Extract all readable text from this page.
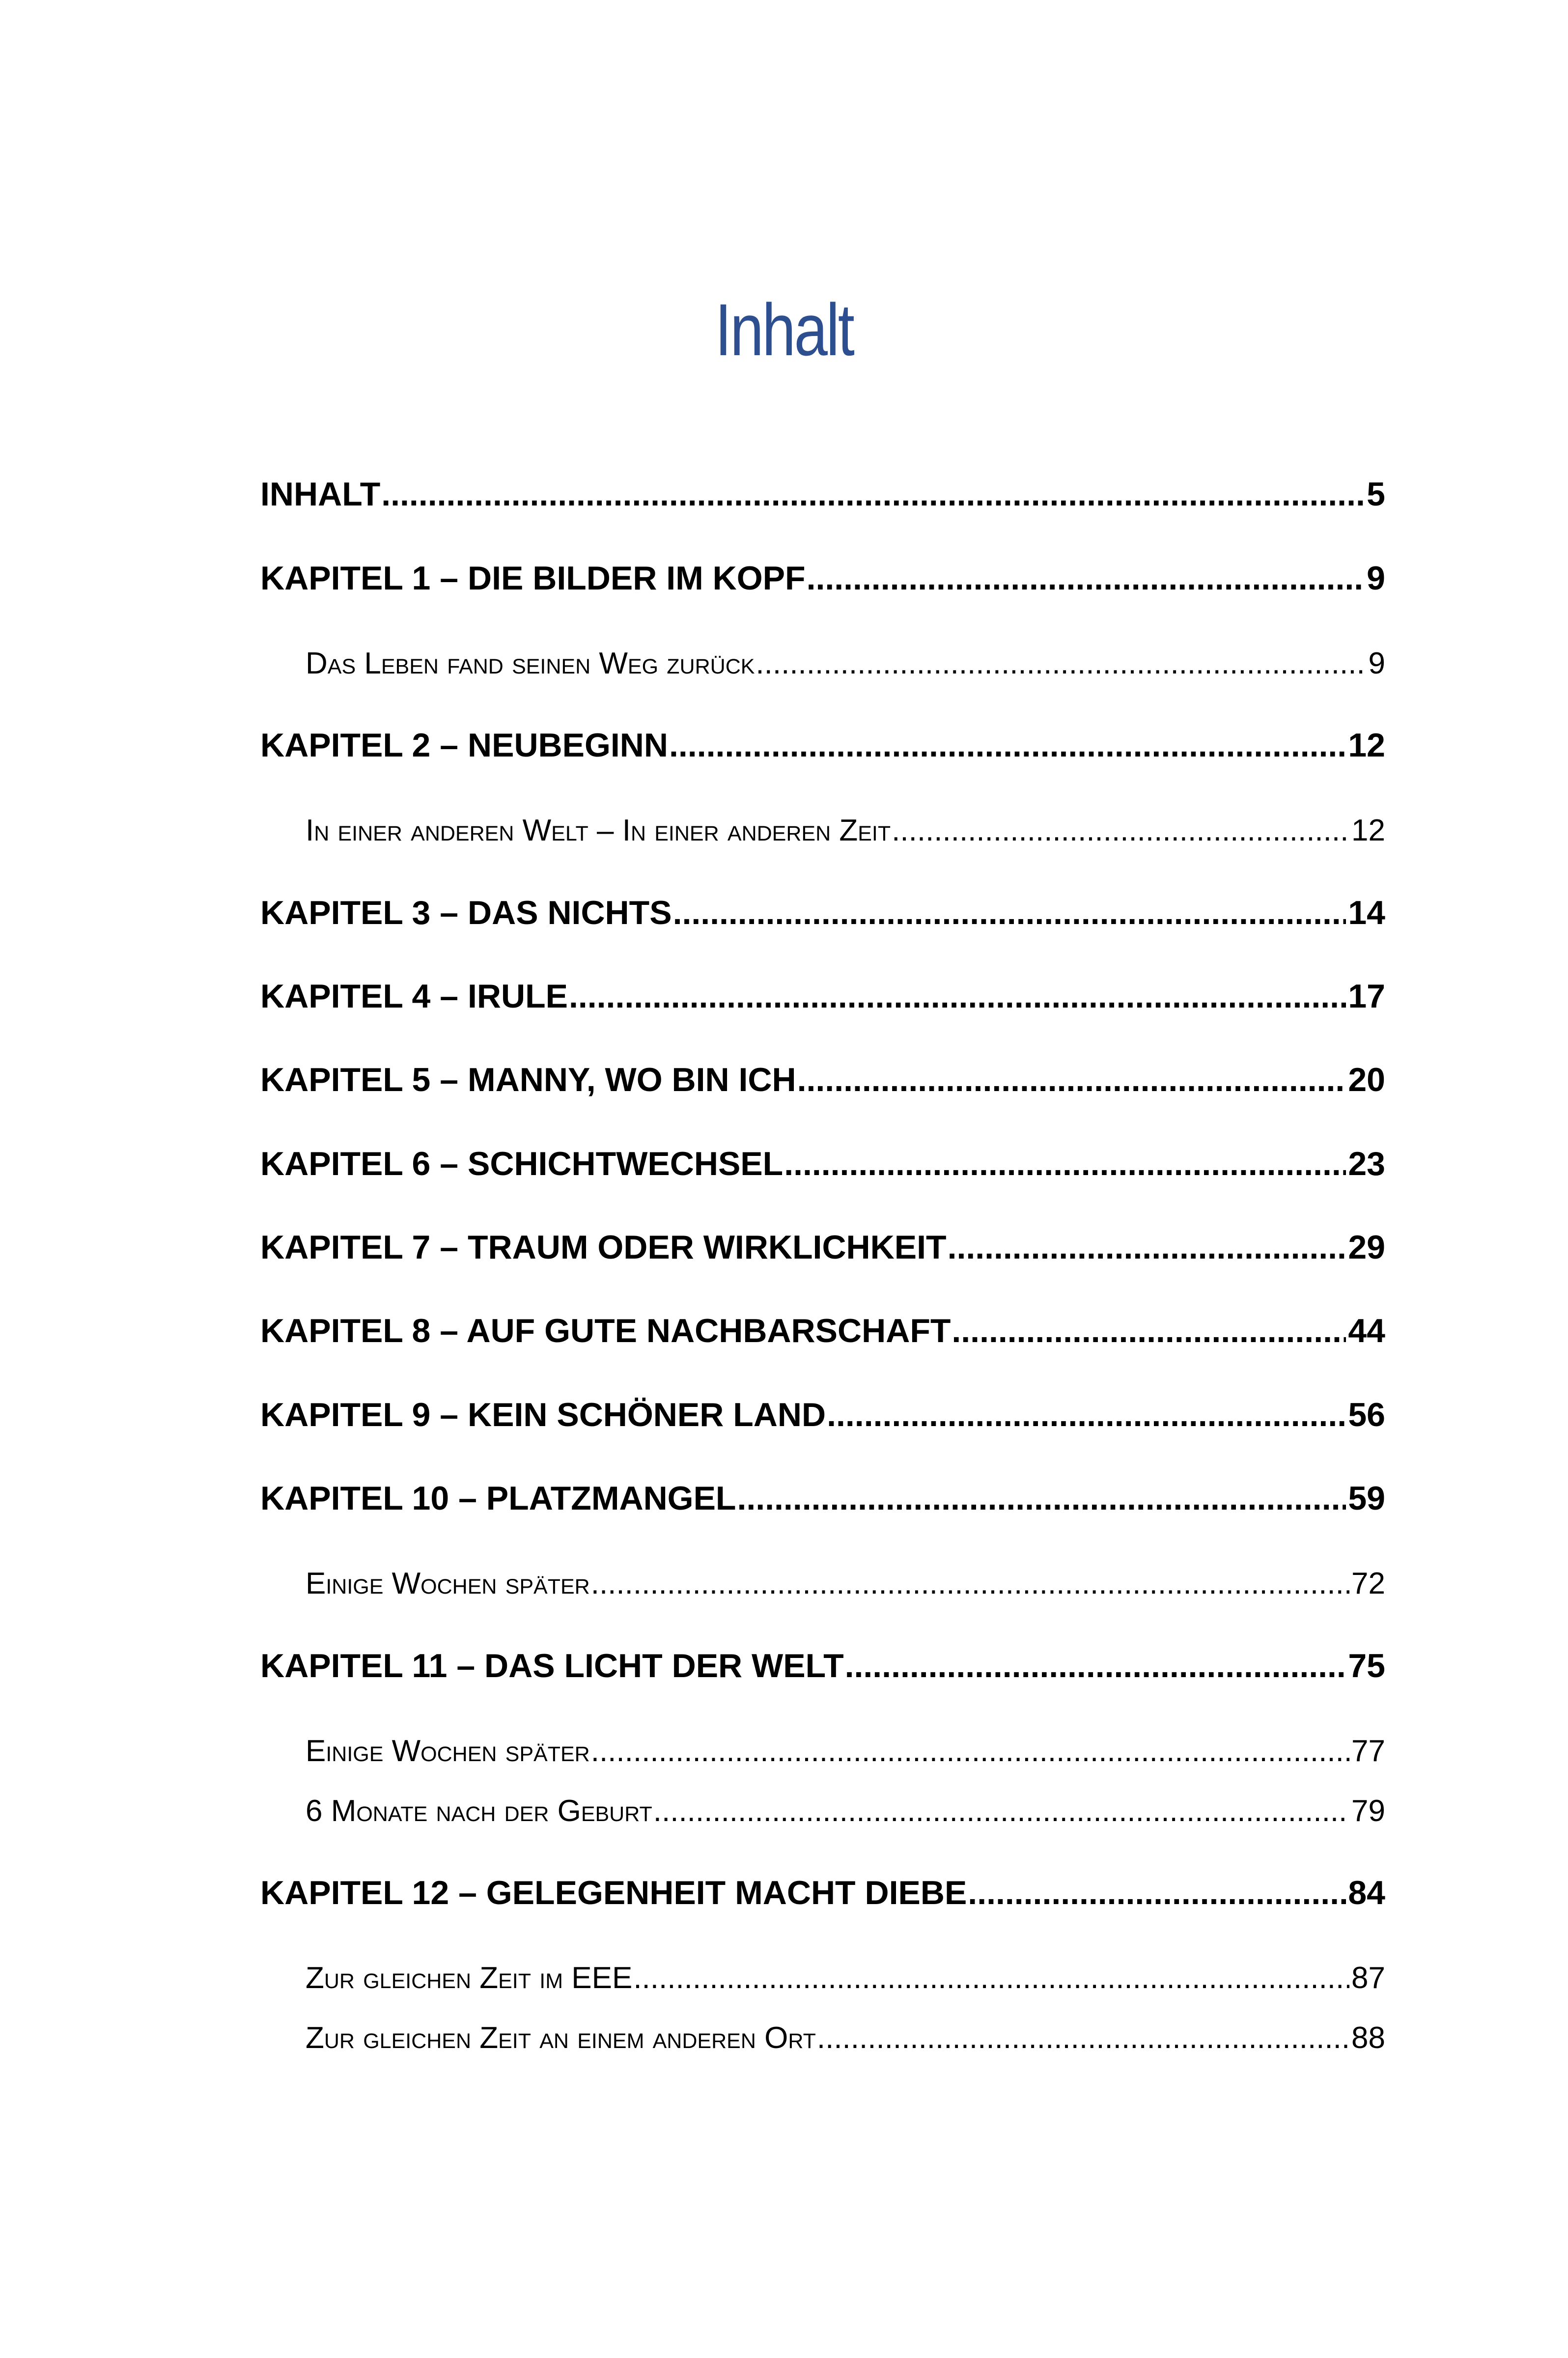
Inhalt
INHALT .....	5
KAPITEL 1 – DIE BILDER IM KOPF .....	9
Das Leben fand seinen Weg zurück .....	9
KAPITEL 2 – NEUBEGINN .....	12
In einer anderen Welt – In einer anderen Zeit .....	12
KAPITEL 3 – DAS NICHTS .....	14
KAPITEL 4 – IRULE .....	17
KAPITEL 5 – MANNY, WO BIN ICH .....	20
KAPITEL 6 – SCHICHTWECHSEL .....	23
KAPITEL 7 – TRAUM ODER WIRKLICHKEIT .....	29
KAPITEL 8 – AUF GUTE NACHBARSCHAFT .....	44
KAPITEL 9 – KEIN SCHÖNER LAND .....	56
KAPITEL 10 – PLATZMANGEL .....	59
Einige Wochen später .....	72
KAPITEL 11 – DAS LICHT DER WELT .....	75
Einige Wochen später .....	77
6 Monate nach der Geburt .....	79
KAPITEL 12 – GELEGENHEIT MACHT DIEBE .....	84
Zur gleichen Zeit im EEE .....	87
Zur gleichen Zeit an einem anderen Ort .....	88
